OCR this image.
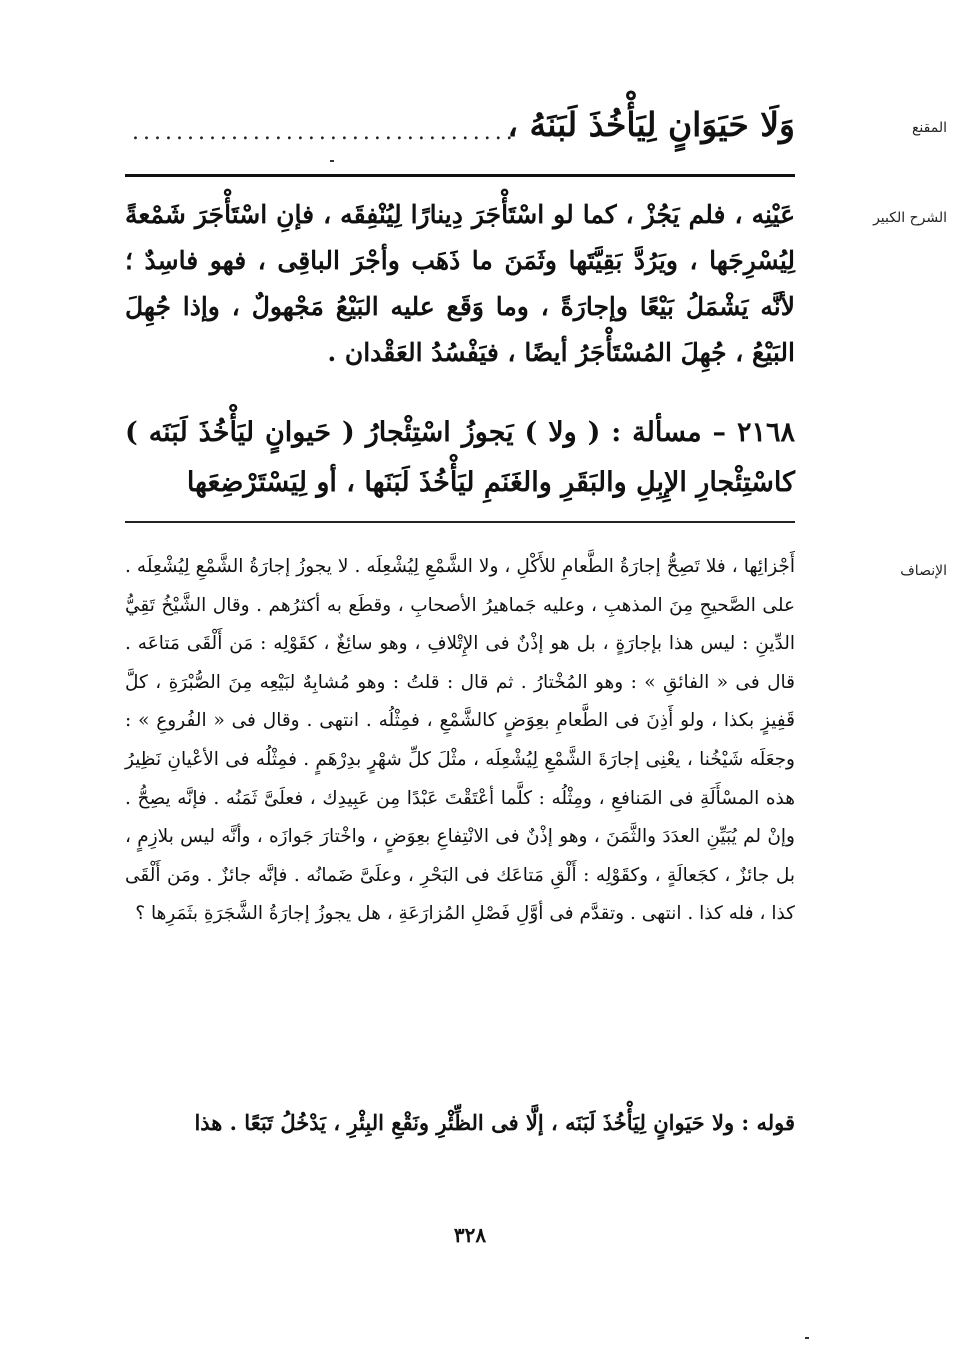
المقنع
وَلَا حَيَوَانٍ لِيَأْخُذَ لَبَنَهُ ،
...................................
الشرح الكبير
عَيْنِه ، فلم يَجُزْ ، كما لو اسْتَأْجَرَ دِينارًا لِيُنْفِقَه ، فإنِ اسْتَأْجَرَ شَمْعةً لِيُسْرِجَها ، ويَرُدَّ بَقِيَّتَها وثَمَنَ ما ذَهَب وأجْرَ الباقِى ، فهو فاسِدٌ ؛ لأنَّه يَشْمَلُ بَيْعًا وإجارَةً ، وما وَقَع عليه البَيْعُ مَجْهولٌ ، وإذا جُهِلَ البَيْعُ ، جُهِلَ المُسْتَأْجَرُ أيضًا ، فيَفْسُدُ العَقْدان .
٢١٦٨ – مسألة : ( ولا ) يَجوزُ اسْتِئْجارُ ( حَيوانٍ ليَأْخُذَ لَبَنَه ) كاسْتِئْجارِ الإِبِلِ والبَقَرِ والغَنَمِ ليَأْخُذَ لَبَنَها ، أو لِيَسْتَرْضِعَها
الإنصاف
أَجْزائِها ، فلا تَصِحُّ إجارَةُ الطَّعامِ للأَكْلِ ، ولا الشَّمْعِ لِيُشْعِلَه . لا يجوزُ إجارَةُ الشَّمْعِ لِيُشْعِلَه . على الصَّحيحِ مِنَ المذهبِ ، وعليه جَماهيرُ الأصحابِ ، وقطَع به أكثرُهم . وقال الشَّيْخُ تَقِيُّ الدِّينِ : ليس هذا بإجارَةٍ ، بل هو إذْنٌ فى الإِتْلافِ ، وهو سائِغٌ ، كقَوْلِه : مَن أَلْقَى مَتاعَه . قال فى « الفائقِ » : وهو المُخْتارُ . ثم قال : قلتُ : وهو مُشابِهٌ لبَيْعِه مِنَ الصُّبْرَةِ ، كلَّ قَفِيزٍ بكذا ، ولو أَذِنَ فى الطَّعامِ بعِوَضٍ كالشَّمْعِ ، فمِثْلُه . انتهى . وقال فى « الفُروعِ » : وجعَلَه شَيْخُنا ، يعْنِى إجارَةَ الشَّمْعِ لِيُشْعِلَه ، مثْلَ كلِّ شهْرٍ بدِرْهَمٍ . فمِثْلُه فى الأعْيانِ نَظِيرُ هذه المسْأَلَةِ فى المَنافعِ ، ومِثْلُه : كلَّما أعْتَقْتَ عَبْدًا مِن عَبِيدِك ، فعلَىَّ ثَمَنُه . فإنَّه يصِحُّ . وإنْ لم يُبَيِّنِ العدَدَ والثَّمَنَ ، وهو إذْنٌ فى الانْتِفاعِ بعِوَضٍ ، واخْتارَ جَوازَه ، وأنَّه ليس بلازِمٍ ، بل جائزٌ ، كجَعالَةٍ ، وكقَوْلِه : أَلْقِ مَتاعَك فى البَحْرِ ، وعلَىَّ ضَمانُه . فإنَّه جائزٌ . ومَن أَلْقَى كذا ، فله كذا . انتهى . وتقدَّم فى أوَّلِ فَصْلِ المُزارَعَةِ ، هل يجوزُ إجارَةُ الشَّجَرَةِ بثَمَرِها ؟
قوله : ولا حَيَوانٍ لِيَأْخُذَ لَبَنَه ، إلَّا فى الظِّئْرِ ونَقْعِ البِئْرِ ، يَدْخُلُ تَبَعًا . هذا
٣٢٨
